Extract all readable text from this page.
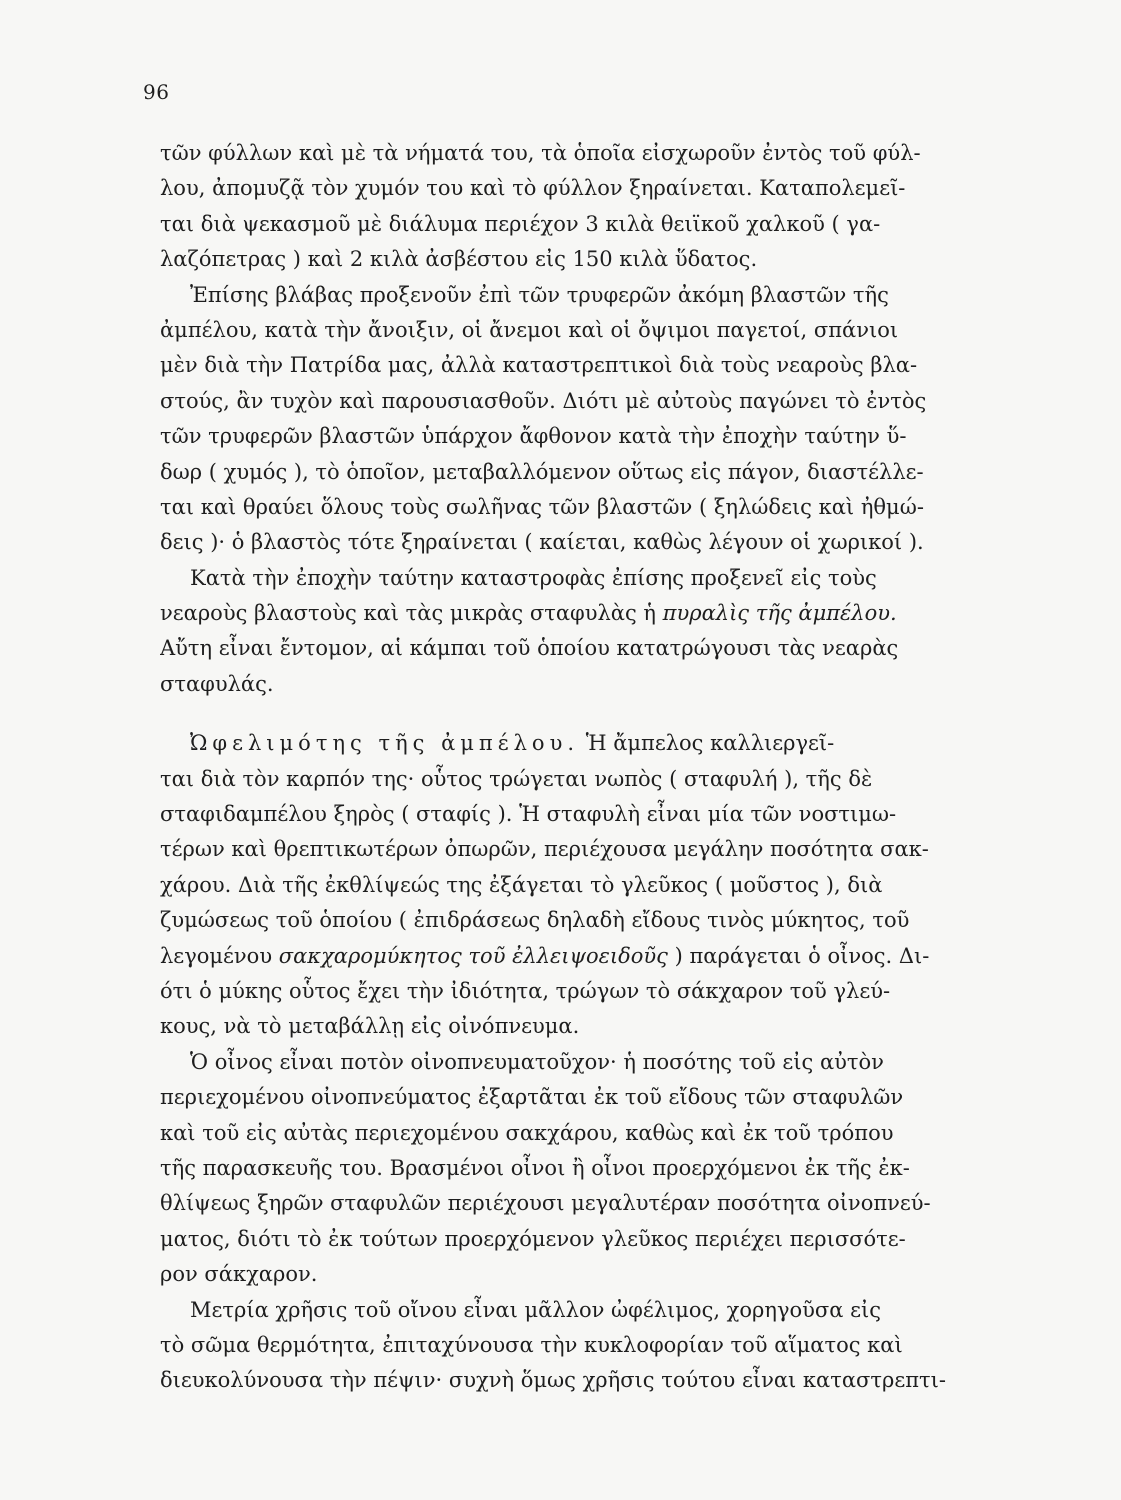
96
τῶν φύλλων καὶ μὲ τὰ νήματά του, τὰ ὁποῖα εἰσχωροῦν ἐντὸς τοῦ φύλ-
λου, ἀπομυζᾷ τὸν χυμόν του καὶ τὸ φύλλον ξηραίνεται. Καταπολεμεῖ-
ται διὰ ψεκασμοῦ μὲ διάλυμα περιέχον 3 κιλὰ θειϊκοῦ χαλκοῦ ( γα-
λαζόπετρας ) καὶ 2 κιλὰ ἀσβέστου εἰς 150 κιλὰ ὕδατος.
Ἐπίσης βλάβας προξενοῦν ἐπὶ τῶν τρυφερῶν ἀκόμη βλαστῶν τῆς
ἀμπέλου, κατὰ τὴν ἄνοιξιν, οἱ ἄνεμοι καὶ οἱ ὄψιμοι παγετοί, σπάνιοι
μὲν διὰ τὴν Πατρίδα μας, ἀλλὰ καταστρεπτικοὶ διὰ τοὺς νεαροὺς βλα-
στούς, ἂν τυχὸν καὶ παρουσιασθοῦν. Διότι μὲ αὐτοὺς παγώνει τὸ ἐντὸς
τῶν τρυφερῶν βλαστῶν ὑπάρχον ἄφθονον κατὰ τὴν ἐποχὴν ταύτην ὕ-
δωρ ( χυμός ), τὸ ὁποῖον, μεταβαλλόμενον οὕτως εἰς πάγον, διαστέλλε-
ται καὶ θραύει ὅλους τοὺς σωλῆνας τῶν βλαστῶν ( ξηλώδεις καὶ ἠθμώ-
δεις )· ὁ βλαστὸς τότε ξηραίνεται ( καίεται, καθὼς λέγουν οἱ χωρικοί ).
Κατὰ τὴν ἐποχὴν ταύτην καταστροφὰς ἐπίσης προξενεῖ εἰς τοὺς
νεαροὺς βλαστοὺς καὶ τὰς μικρὰς σταφυλὰς ἡ πυραλὶς τῆς ἀμπέλου.
Αὔτη εἶναι ἔντομον, αἱ κάμπαι τοῦ ὁποίου κατατρώγουσι τὰς νεαρὰς
σταφυλάς.
Ὠφελιμότης τῆς ἀμπέλου. Ἡ ἄμπελος καλλιεργεῖ-
ται διὰ τὸν καρπόν της· οὗτος τρώγεται νωπὸς ( σταφυλή ), τῆς δὲ
σταφιδαμπέλου ξηρὸς ( σταφίς ). Ἡ σταφυλὴ εἶναι μία τῶν νοστιμω-
τέρων καὶ θρεπτικωτέρων ὀπωρῶν, περιέχουσα μεγάλην ποσότητα σακ-
χάρου. Διὰ τῆς ἐκθλίψεώς της ἐξάγεται τὸ γλεῦκος ( μοῦστος ), διὰ
ζυμώσεως τοῦ ὁποίου ( ἐπιδράσεως δηλαδὴ εἴδους τινὸς μύκητος, τοῦ
λεγομένου σακχαρομύκητος τοῦ ἐλλειψοειδοῦς ) παράγεται ὁ οἶνος. Δι-
ότι ὁ μύκης οὗτος ἔχει τὴν ἰδιότητα, τρώγων τὸ σάκχαρον τοῦ γλεύ-
κους, νὰ τὸ μεταβάλλῃ εἰς οἰνόπνευμα.
Ὁ οἶνος εἶναι ποτὸν οἰνοπνευματοῦχον· ἡ ποσότης τοῦ εἰς αὐτὸν
περιεχομένου οἰνοπνεύματος ἐξαρτᾶται ἐκ τοῦ εἴδους τῶν σταφυλῶν
καὶ τοῦ εἰς αὐτὰς περιεχομένου σακχάρου, καθὼς καὶ ἐκ τοῦ τρόπου
τῆς παρασκευῆς του. Βρασμένοι οἶνοι ἢ οἶνοι προερχόμενοι ἐκ τῆς ἐκ-
θλίψεως ξηρῶν σταφυλῶν περιέχουσι μεγαλυτέραν ποσότητα οἰνοπνεύ-
ματος, διότι τὸ ἐκ τούτων προερχόμενον γλεῦκος περιέχει περισσότε-
ρον σάκχαρον.
Μετρία χρῆσις τοῦ οἴνου εἶναι μᾶλλον ὠφέλιμος, χορηγοῦσα εἰς
τὸ σῶμα θερμότητα, ἐπιταχύνουσα τὴν κυκλοφορίαν τοῦ αἵματος καὶ
διευκολύνουσα τὴν πέψιν· συχνὴ ὅμως χρῆσις τούτου εἶναι καταστρεπτι-
